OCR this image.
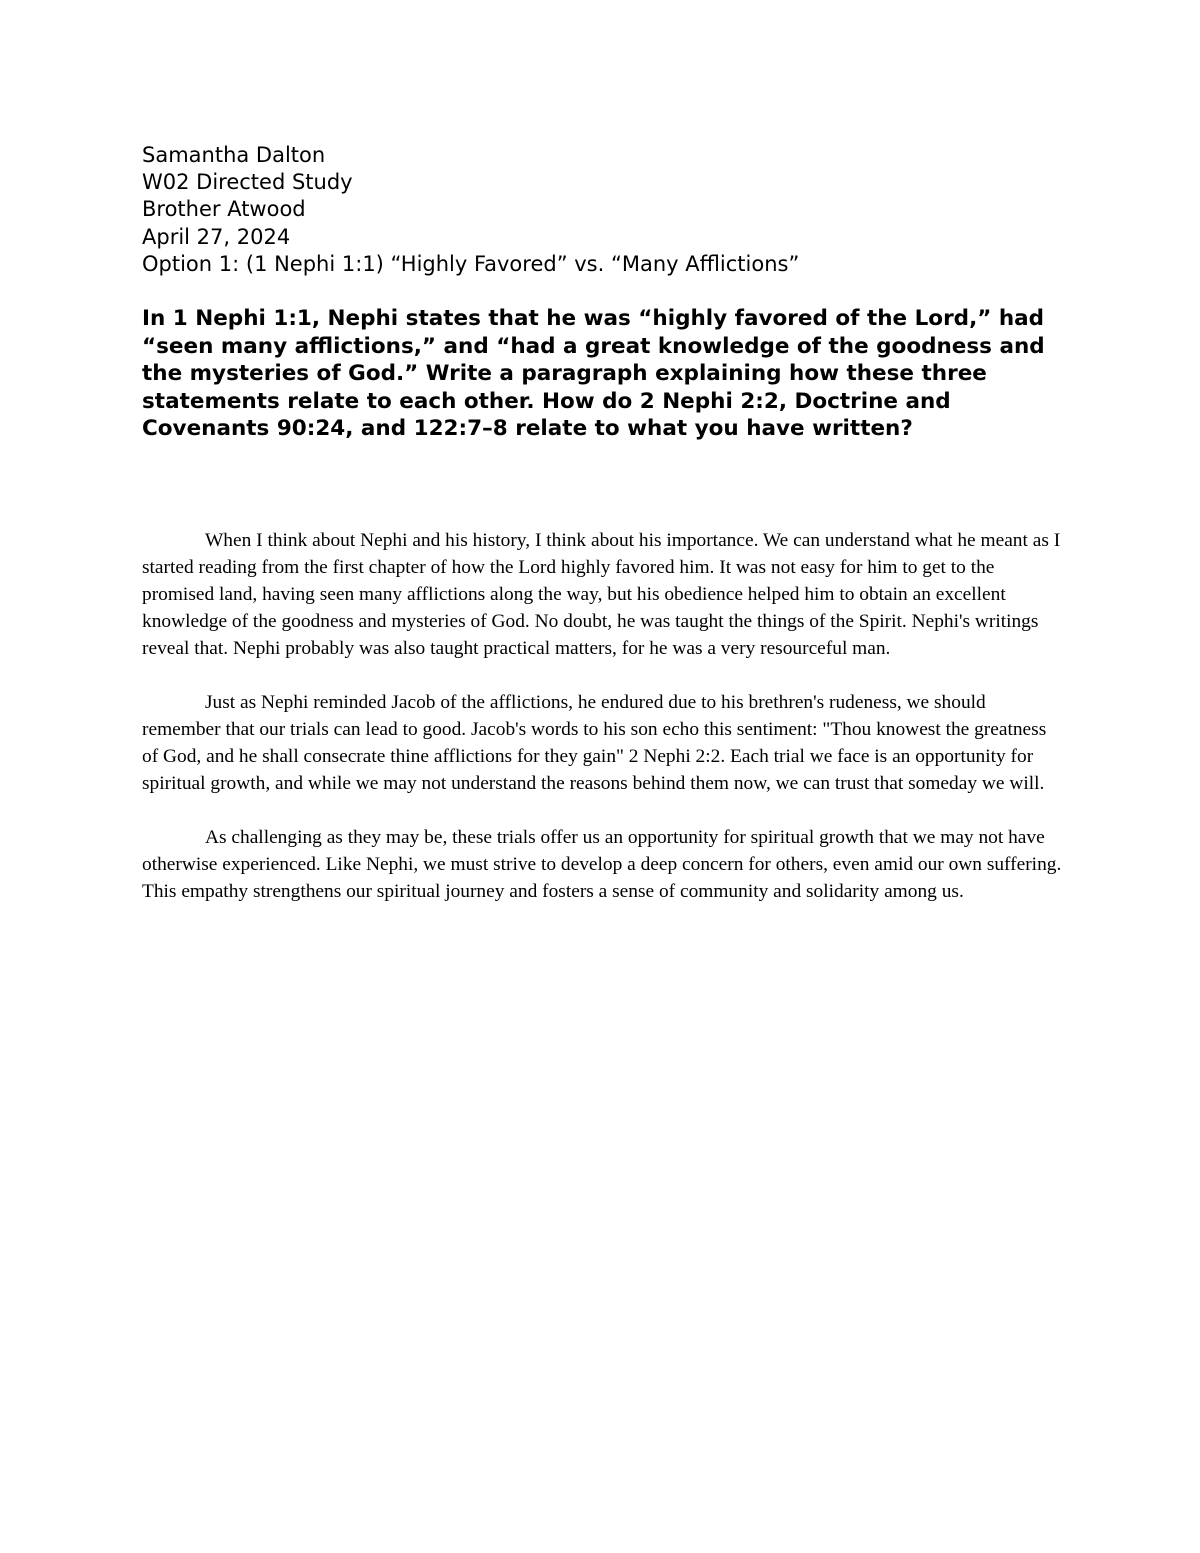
Samantha Dalton
W02 Directed Study
Brother Atwood
April 27, 2024
Option 1: (1 Nephi 1:1) “Highly Favored” vs. “Many Afflictions”

In 1 Nephi 1:1, Nephi states that he was “highly favored of the Lord,” had “seen many afflictions,” and “had a great knowledge of the goodness and the mysteries of God.” Write a paragraph explaining how these three statements relate to each other. How do 2 Nephi 2:2, Doctrine and Covenants 90:24, and 122:7–8 relate to what you have written?

When I think about Nephi and his history, I think about his importance. We can understand what he meant as I started reading from the first chapter of how the Lord highly favored him. It was not easy for him to get to the promised land, having seen many afflictions along the way, but his obedience helped him to obtain an excellent knowledge of the goodness and mysteries of God. No doubt, he was taught the things of the Spirit. Nephi's writings reveal that. Nephi probably was also taught practical matters, for he was a very resourceful man.

Just as Nephi reminded Jacob of the afflictions, he endured due to his brethren's rudeness, we should remember that our trials can lead to good. Jacob's words to his son echo this sentiment: "Thou knowest the greatness of God, and he shall consecrate thine afflictions for they gain" 2 Nephi 2:2. Each trial we face is an opportunity for spiritual growth, and while we may not understand the reasons behind them now, we can trust that someday we will.

As challenging as they may be, these trials offer us an opportunity for spiritual growth that we may not have otherwise experienced. Like Nephi, we must strive to develop a deep concern for others, even amid our own suffering. This empathy strengthens our spiritual journey and fosters a sense of community and solidarity among us.
